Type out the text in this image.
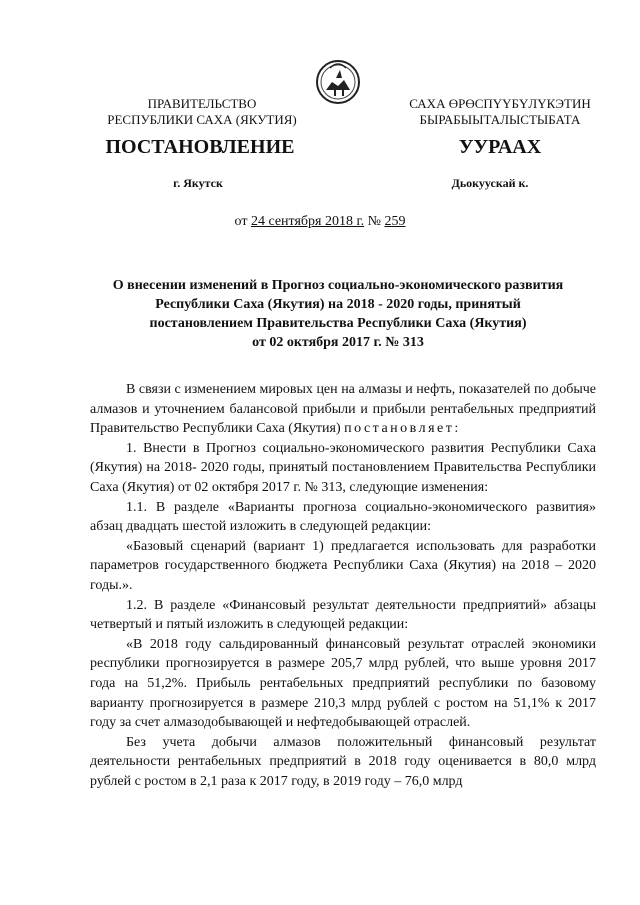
ПРАВИТЕЛЬСТВО
РЕСПУБЛИКИ САХА (ЯКУТИЯ)
САХА ӨРӨСПҮҮБҮЛҮКЭТИН
БЫРАБЫЫТАЛЫСТЫБАТА
ПОСТАНОВЛЕНИЕ	УУРААХ
г. Якутск	Дьокуускай к.
от 24 сентября 2018 г. № 259
О внесении изменений в Прогноз социально-экономического развития
Республики Саха (Якутия) на 2018 - 2020 годы, принятый
постановлением Правительства Республики Саха (Якутия)
от 02 октября 2017 г. № 313

В связи с изменением мировых цен на алмазы и нефть, показателей по добыче алмазов и уточнением балансовой прибыли и прибыли рентабельных предприятий Правительство Республики Саха (Якутия) постановляет:

1. Внести в Прогноз социально-экономического развития Республики Саха (Якутия) на 2018- 2020 годы, принятый постановлением Правительства Республики Саха (Якутия) от 02 октября 2017 г. № 313, следующие изменения:

1.1. В разделе «Варианты прогноза социально-экономического развития» абзац двадцать шестой изложить в следующей редакции:

«Базовый сценарий (вариант 1) предлагается использовать для разработки параметров государственного бюджета Республики Саха (Якутия) на 2018 – 2020 годы.».

1.2. В разделе «Финансовый результат деятельности предприятий» абзацы четвертый и пятый изложить в следующей редакции:

«В 2018 году сальдированный финансовый результат отраслей экономики республики прогнозируется в размере 205,7 млрд рублей, что выше уровня 2017 года на 51,2%. Прибыль рентабельных предприятий республики по базовому варианту прогнозируется в размере 210,3 млрд рублей с ростом на 51,1% к 2017 году за счет алмазодобывающей и нефтедобывающей отраслей.

Без учета добычи алмазов положительный финансовый результат деятельности рентабельных предприятий в 2018 году оценивается в 80,0 млрд рублей с ростом в 2,1 раза к 2017 году, в 2019 году – 76,0 млрд
